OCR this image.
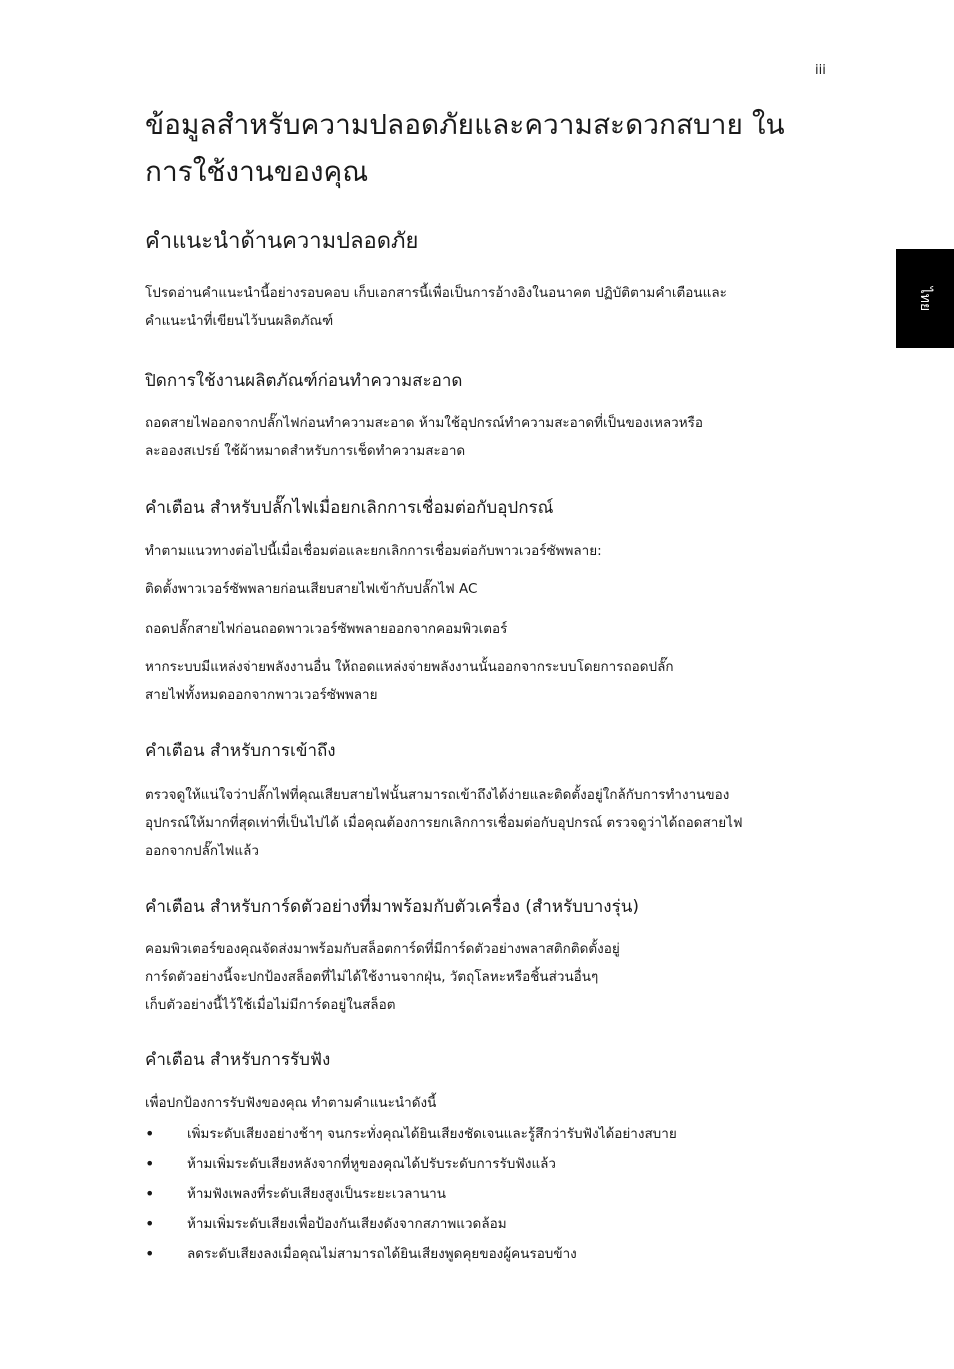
iii
ไทย
ข้อมูลสำหรับความปลอดภัยและความสะดวกสบาย ในการใช้งานของคุณ
คำแนะนำด้านความปลอดภัย

โปรดอ่านคำแนะนำนี้อย่างรอบคอบ เก็บเอกสารนี้เพื่อเป็นการอ้างอิงในอนาคต ปฏิบัติตามคำเตือนและ
คำแนะนำที่เขียนไว้บนผลิตภัณฑ์

ปิดการใช้งานผลิตภัณฑ์ก่อนทำความสะอาด

ถอดสายไฟออกจากปลั๊กไฟก่อนทำความสะอาด ห้ามใช้อุปกรณ์ทำความสะอาดที่เป็นของเหลวหรือ
ละอองสเปรย์ ใช้ผ้าหมาดสำหรับการเช็ดทำความสะอาด

คำเตือน สำหรับปลั๊กไฟเมื่อยกเลิกการเชื่อมต่อกับอุปกรณ์

ทำตามแนวทางต่อไปนี้เมื่อเชื่อมต่อและยกเลิกการเชื่อมต่อกับพาวเวอร์ซัพพลาย:

ติดตั้งพาวเวอร์ซัพพลายก่อนเสียบสายไฟเข้ากับปลั๊กไฟ AC

ถอดปลั๊กสายไฟก่อนถอดพาวเวอร์ซัพพลายออกจากคอมพิวเตอร์

หากระบบมีแหล่งจ่ายพลังงานอื่น ให้ถอดแหล่งจ่ายพลังงานนั้นออกจากระบบโดยการถอดปลั๊ก
สายไฟทั้งหมดออกจากพาวเวอร์ซัพพลาย

คำเตือน สำหรับการเข้าถึง

ตรวจดูให้แน่ใจว่าปลั๊กไฟที่คุณเสียบสายไฟนั้นสามารถเข้าถึงได้ง่ายและติดตั้งอยู่ใกล้กับการทำงานของ
อุปกรณ์ให้มากที่สุดเท่าที่เป็นไปได้ เมื่อคุณต้องการยกเลิกการเชื่อมต่อกับอุปกรณ์ ตรวจดูว่าได้ถอดสายไฟ
ออกจากปลั๊กไฟแล้ว

คำเตือน สำหรับการ์ดตัวอย่างที่มาพร้อมกับตัวเครื่อง (สำหรับบางรุ่น)

คอมพิวเตอร์ของคุณจัดส่งมาพร้อมกับสล็อตการ์ดที่มีการ์ดตัวอย่างพลาสติกติดตั้งอยู่
การ์ดตัวอย่างนี้จะปกป้องสล็อตที่ไม่ได้ใช้งานจากฝุ่น, วัตถุโลหะหรือชิ้นส่วนอื่นๆ
เก็บตัวอย่างนี้ไว้ใช้เมื่อไม่มีการ์ดอยู่ในสล็อต

คำเตือน สำหรับการรับฟัง

เพื่อปกป้องการรับฟังของคุณ ทำตามคำแนะนำดังนี้

• เพิ่มระดับเสียงอย่างช้าๆ จนกระทั่งคุณได้ยินเสียงชัดเจนและรู้สึกว่ารับฟังได้อย่างสบาย
• ห้ามเพิ่มระดับเสียงหลังจากที่หูของคุณได้ปรับระดับการรับฟังแล้ว
• ห้ามฟังเพลงที่ระดับเสียงสูงเป็นระยะเวลานาน
• ห้ามเพิ่มระดับเสียงเพื่อป้องกันเสียงดังจากสภาพแวดล้อม
• ลดระดับเสียงลงเมื่อคุณไม่สามารถได้ยินเสียงพูดคุยของผู้คนรอบข้าง
